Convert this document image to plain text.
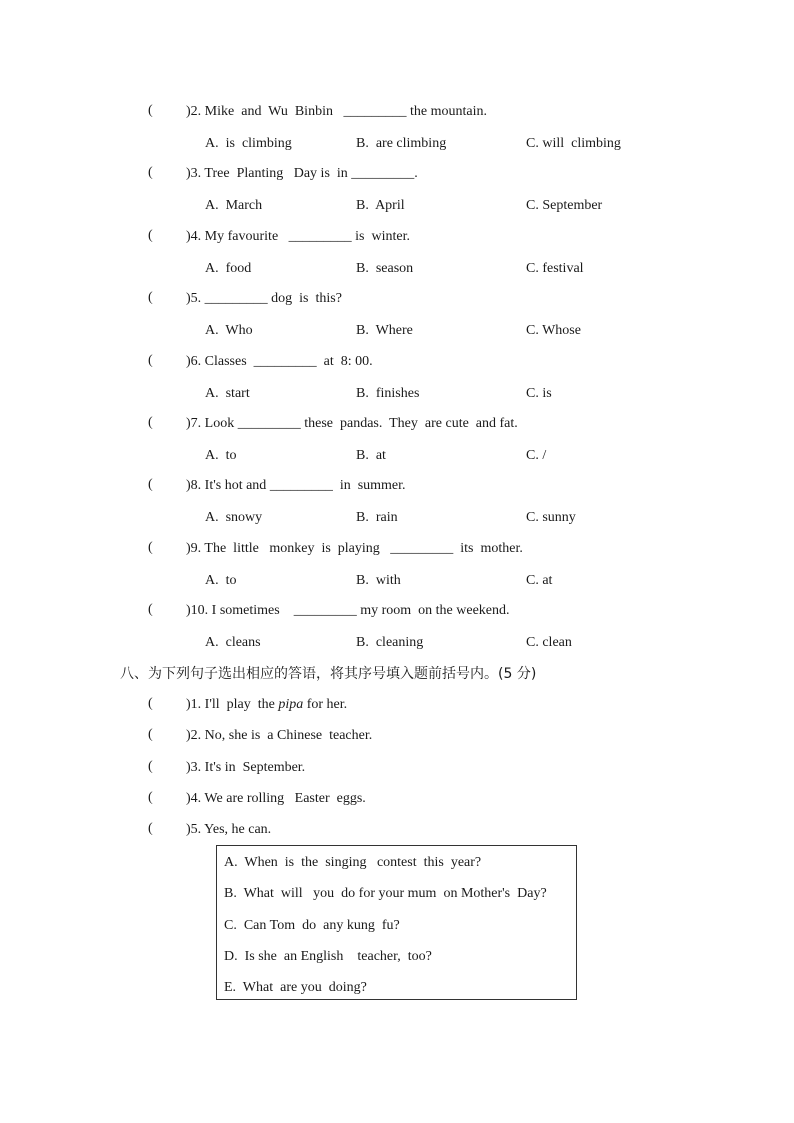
( )2. Mike  and  Wu  Binbin   _________ the mountain.
A.  is  climbing	B.  are climbing	C. will  climbing
( )3. Tree  Planting   Day is  in _________.
A.  March	B.  April	C. September
( )4. My favourite   _________ is  winter.
A.  food	B.  season	C. festival
( )5. _________ dog  is  this?
A.  Who	B.  Where	C. Whose
( )6. Classes  _________  at  8: 00.
A.  start	B.  finishes	C. is
( )7. Look _________ these  pandas.  They  are cute  and fat.
A.  to	B.  at	C. /
( )8. It's hot and _________  in  summer.
A.  snowy	B.  rain	C. sunny
( )9. The  little   monkey  is  playing   _________  its  mother.
A.  to	B.  with	C. at
( )10. I sometimes    _________ my room  on the weekend.
A.  cleans	B.  cleaning	C. clean
八、为下列句子选出相应的答语，将其序号填入题前括号内。(5 分)
( )1. I'll  play  the pipa for her.
( )2. No, she is  a Chinese  teacher.
( )3. It's in  September.
( )4. We are rolling   Easter  eggs.
( )5. Yes, he can.
A.  When  is  the  singing   contest  this  year?
B.  What  will   you  do for your mum  on Mother's  Day?
C.  Can Tom  do  any kung  fu?
D.  Is she  an English    teacher,  too?
E.  What  are you  doing?
